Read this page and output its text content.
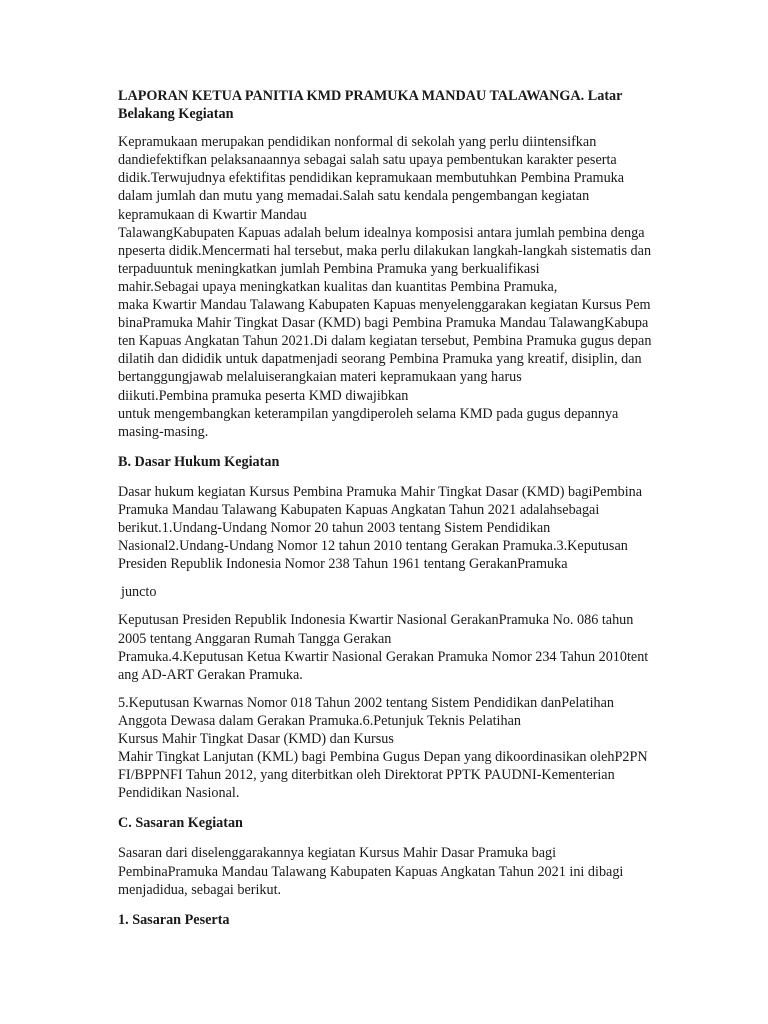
LAPORAN KETUA PANITIA KMD PRAMUKA MANDAU TALAWANGA. Latar
Belakang Kegiatan

Kepramukaan merupakan pendidikan nonformal di sekolah yang perlu diintensifkan
dandiefektifkan pelaksanaannya sebagai salah satu upaya pembentukan karakter peserta
didik.Terwujudnya efektifitas pendidikan kepramukaan membutuhkan Pembina Pramuka
dalam jumlah dan mutu yang memadai.Salah satu kendala pengembangan kegiatan
kepramukaan di Kwartir Mandau
TalawangKabupaten Kapuas adalah belum idealnya komposisi antara jumlah pembina denga
npeserta didik.Mencermati hal tersebut, maka perlu dilakukan langkah-langkah sistematis dan
terpaduuntuk meningkatkan jumlah Pembina Pramuka yang berkualifikasi
mahir.Sebagai upaya meningkatkan kualitas dan kuantitas Pembina Pramuka,
maka Kwartir Mandau Talawang Kabupaten Kapuas menyelenggarakan kegiatan Kursus Pem
binaPramuka Mahir Tingkat Dasar (KMD) bagi Pembina Pramuka Mandau TalawangKabupa
ten Kapuas Angkatan Tahun 2021.Di dalam kegiatan tersebut, Pembina Pramuka gugus depan
dilatih dan dididik untuk dapatmenjadi seorang Pembina Pramuka yang kreatif, disiplin, dan
bertanggungjawab melaluiserangkaian materi kepramukaan yang harus
diikuti.Pembina pramuka peserta KMD diwajibkan
untuk mengembangkan keterampilan yangdiperoleh selama KMD pada gugus depannya
masing-masing.

B. Dasar Hukum Kegiatan

Dasar hukum kegiatan Kursus Pembina Pramuka Mahir Tingkat Dasar (KMD) bagiPembina
Pramuka Mandau Talawang Kabupaten Kapuas Angkatan Tahun 2021 adalahsebagai
berikut.1.Undang-Undang Nomor 20 tahun 2003 tentang Sistem Pendidikan
Nasional2.Undang-Undang Nomor 12 tahun 2010 tentang Gerakan Pramuka.3.Keputusan
Presiden Republik Indonesia Nomor 238 Tahun 1961 tentang GerakanPramuka

juncto

Keputusan Presiden Republik Indonesia Kwartir Nasional GerakanPramuka No. 086 tahun
2005 tentang Anggaran Rumah Tangga Gerakan
Pramuka.4.Keputusan Ketua Kwartir Nasional Gerakan Pramuka Nomor 234 Tahun 2010tent
ang AD-ART Gerakan Pramuka.

5.Keputusan Kwarnas Nomor 018 Tahun 2002 tentang Sistem Pendidikan danPelatihan
Anggota Dewasa dalam Gerakan Pramuka.6.Petunjuk Teknis Pelatihan
Kursus Mahir Tingkat Dasar (KMD) dan Kursus
Mahir Tingkat Lanjutan (KML) bagi Pembina Gugus Depan yang dikoordinasikan olehP2PN
FI/BPPNFI Tahun 2012, yang diterbitkan oleh Direktorat PPTK PAUDNI-Kementerian
Pendidikan Nasional.

C. Sasaran Kegiatan

Sasaran dari diselenggarakannya kegiatan Kursus Mahir Dasar Pramuka bagi
PembinaPramuka Mandau Talawang Kabupaten Kapuas Angkatan Tahun 2021 ini dibagi
menjadidua, sebagai berikut.

1. Sasaran Peserta
